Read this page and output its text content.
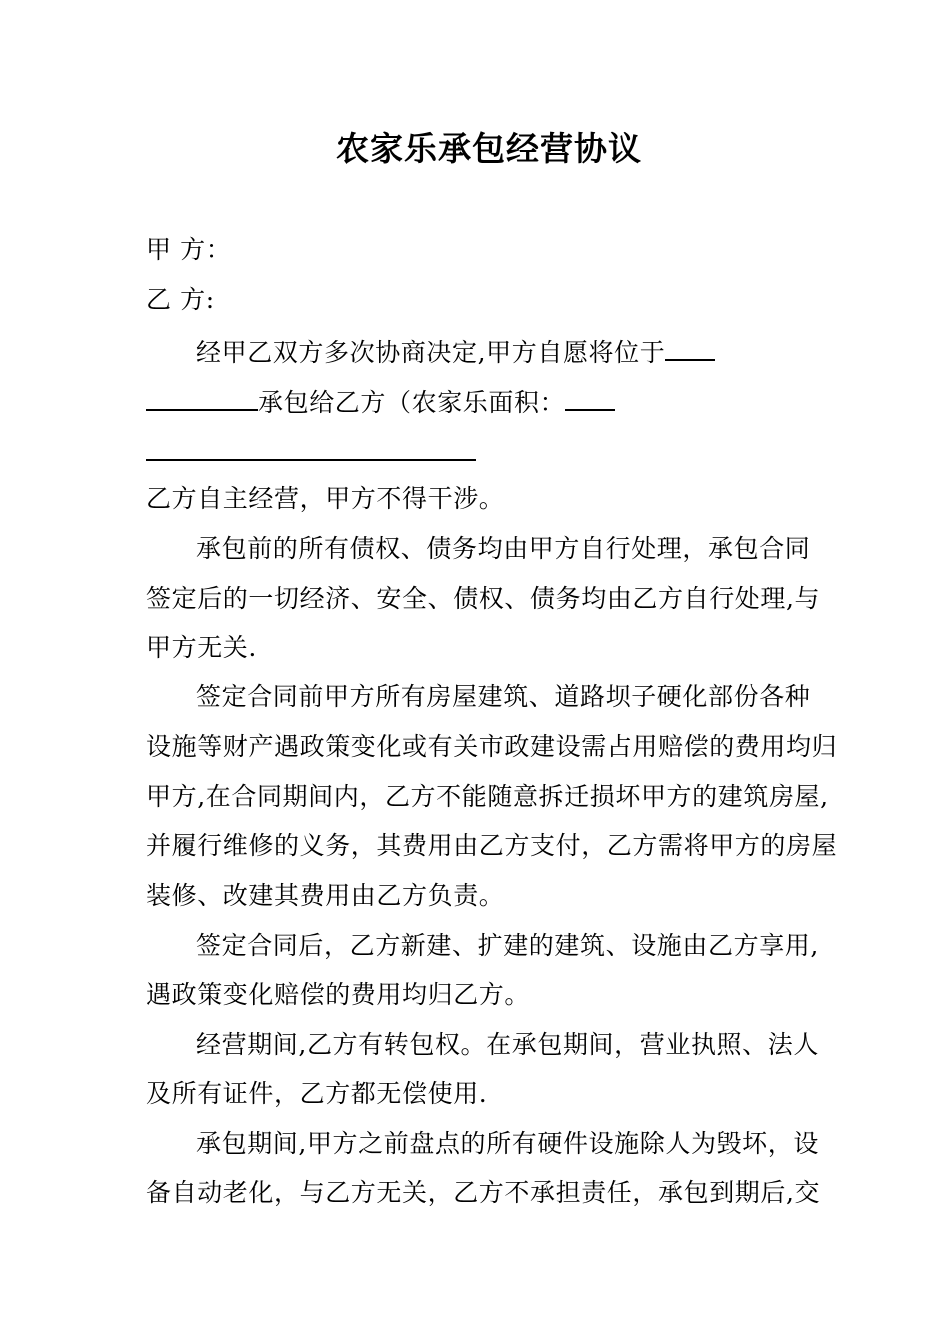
农家乐承包经营协议
甲 方：
乙 方:
经甲乙双方多次协商决定,甲方自愿将位于
承包给乙方（农家乐面积：
乙方自主经营，甲方不得干涉。
承包前的所有债权、债务均由甲方自行处理，承包合同
签定后的一切经济、安全、债权、债务均由乙方自行处理,与
甲方无关.
签定合同前甲方所有房屋建筑、道路坝子硬化部份各种
设施等财产遇政策变化或有关市政建设需占用赔偿的费用均归
甲方,在合同期间内，乙方不能随意拆迁损坏甲方的建筑房屋,
并履行维修的义务，其费用由乙方支付，乙方需将甲方的房屋
装修、改建其费用由乙方负责。
签定合同后，乙方新建、扩建的建筑、设施由乙方享用,
遇政策变化赔偿的费用均归乙方。
经营期间,乙方有转包权。在承包期间，营业执照、法人
及所有证件，乙方都无偿使用.
承包期间,甲方之前盘点的所有硬件设施除人为毁坏，设
备自动老化，与乙方无关，乙方不承担责任，承包到期后,交
